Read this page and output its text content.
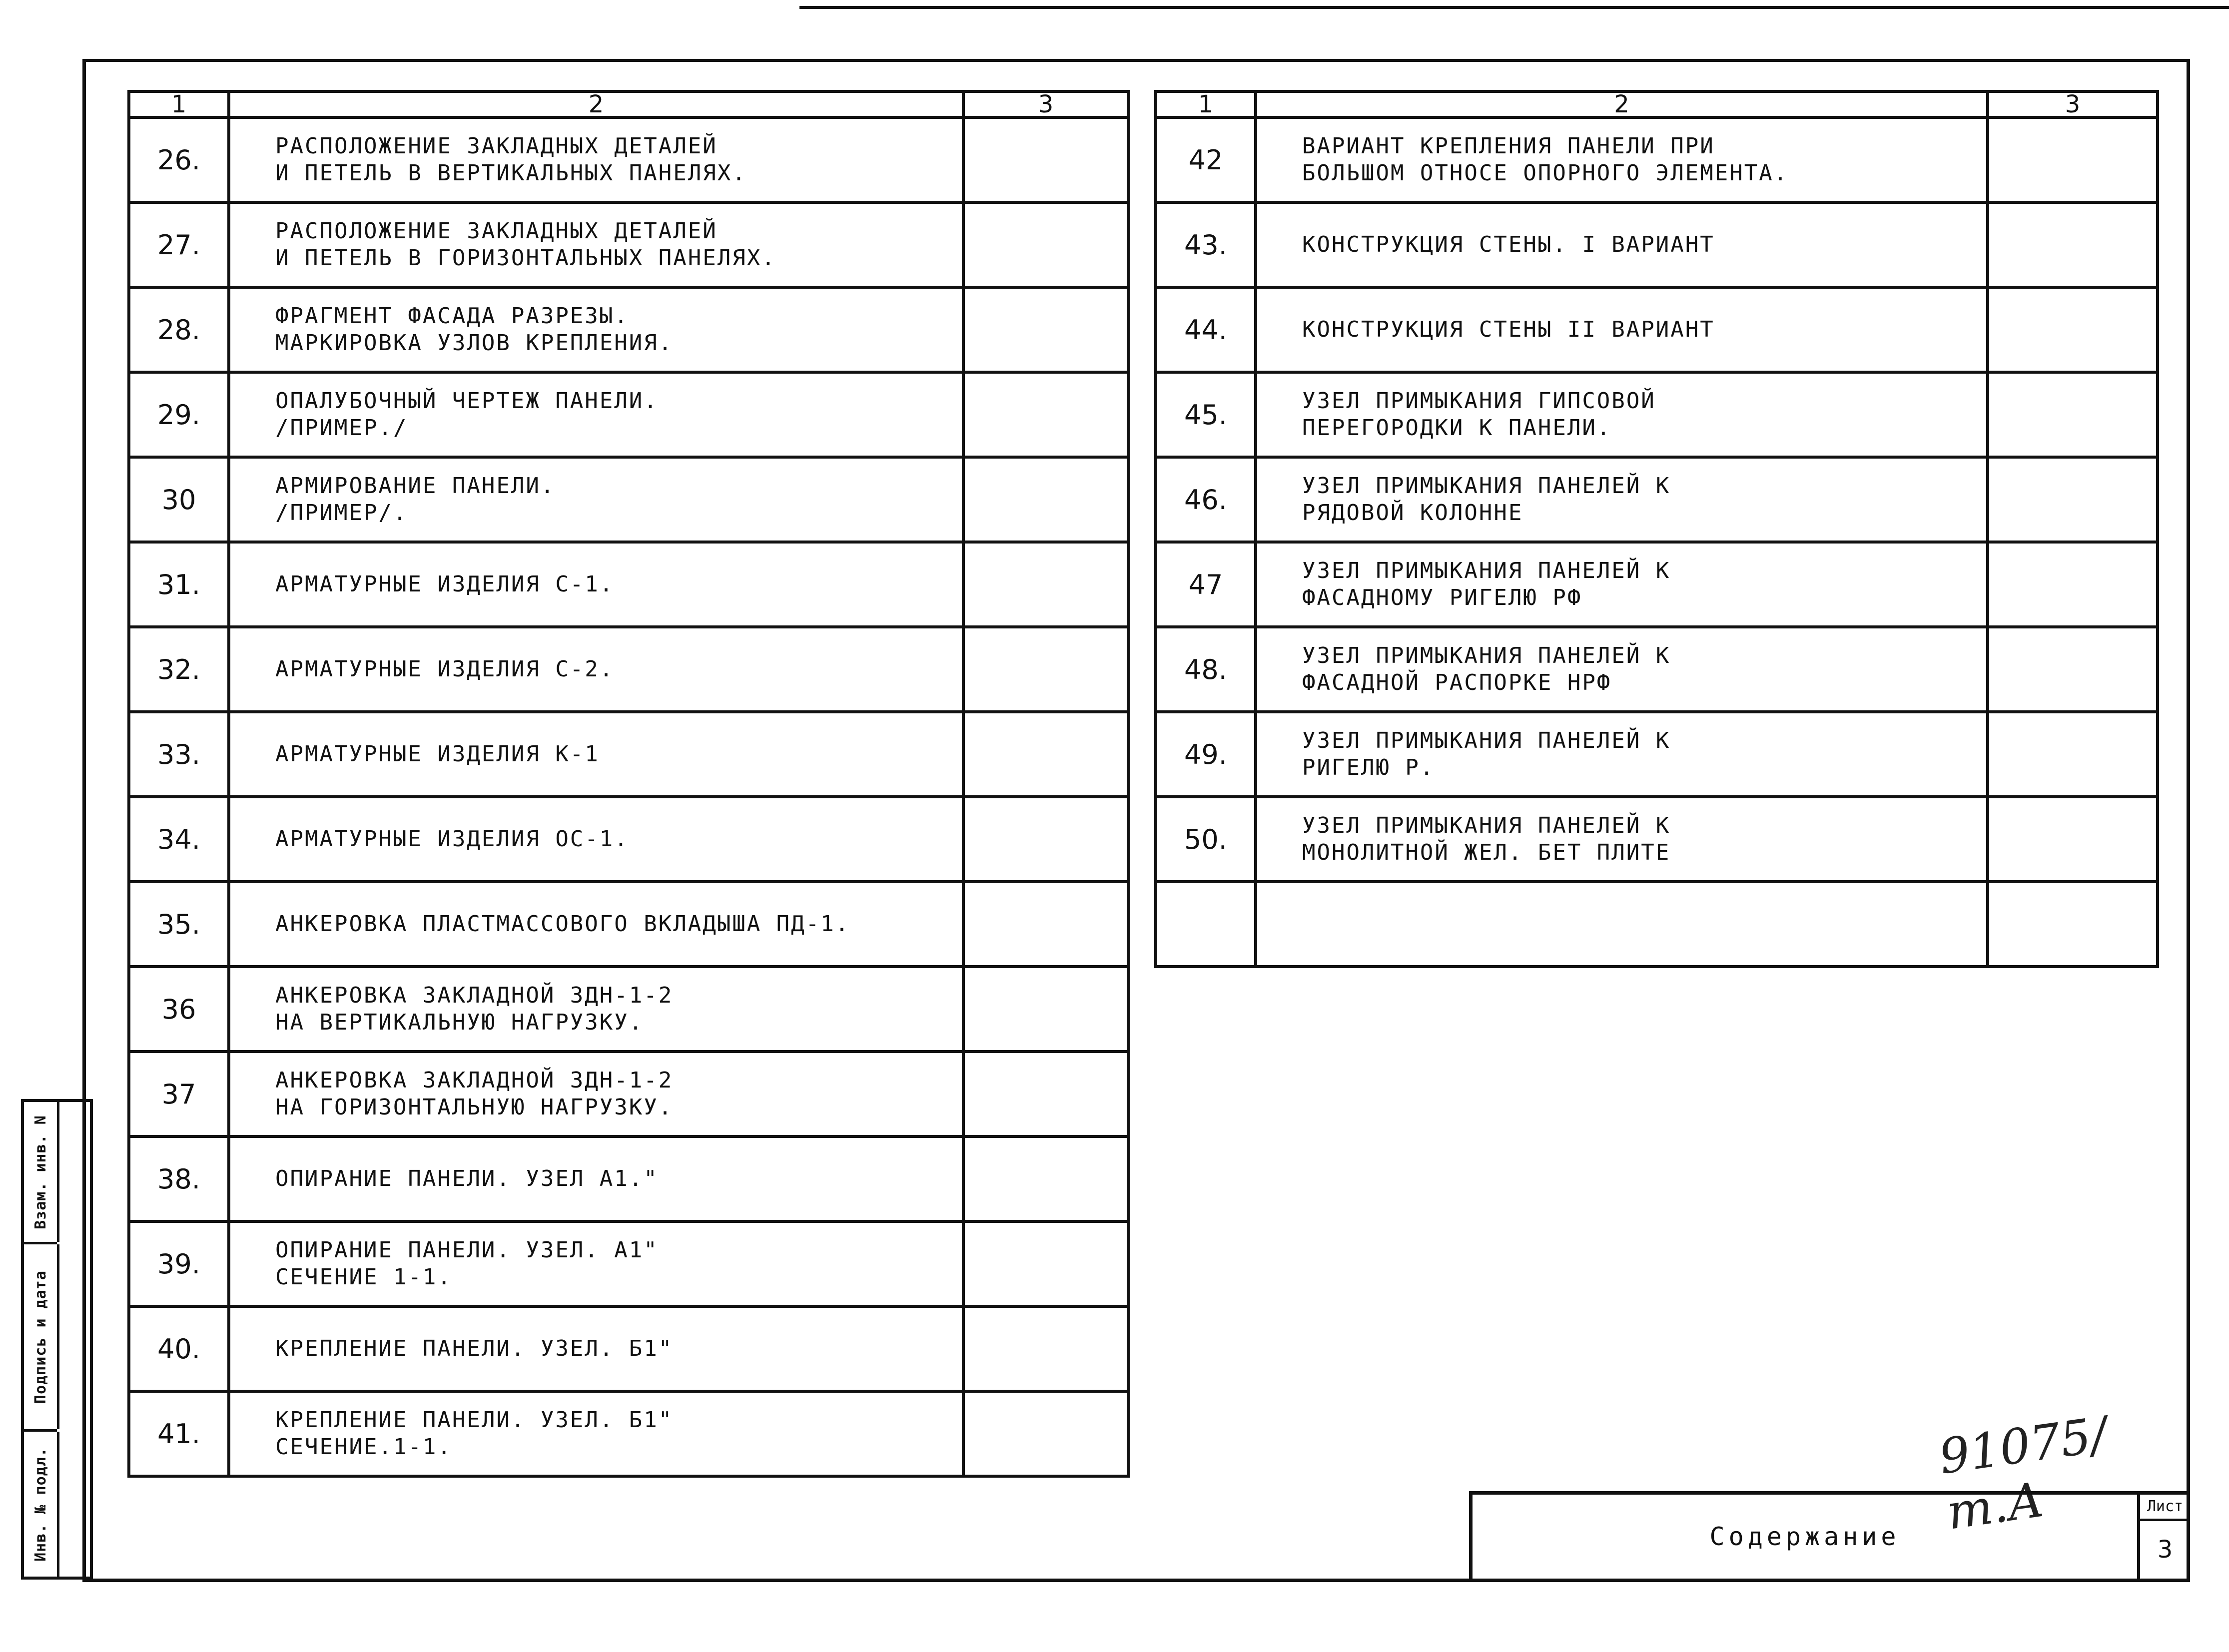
1	2	3
26.	РАСПОЛОЖЕНИЕ ЗАКЛАДНЫХ ДЕТАЛЕЙ
И ПЕТЕЛЬ В ВЕРТИКАЛЬНЫХ ПАНЕЛЯХ.	

27.	РАСПОЛОЖЕНИЕ ЗАКЛАДНЫХ ДЕТАЛЕЙ
И ПЕТЕЛЬ В ГОРИЗОНТАЛЬНЫХ ПАНЕЛЯХ.	

28.	ФРАГМЕНТ ФАСАДА РАЗРЕЗЫ.
МАРКИРОВКА УЗЛОВ КРЕПЛЕНИЯ.	

29.	ОПАЛУБОЧНЫЙ ЧЕРТЕЖ ПАНЕЛИ.
/ПРИМЕР./	

30	АРМИРОВАНИЕ ПАНЕЛИ.
/ПРИМЕР/.	

31.	АРМАТУРНЫЕ ИЗДЕЛИЯ С-1.	

32.	АРМАТУРНЫЕ ИЗДЕЛИЯ С-2.	

33.	АРМАТУРНЫЕ ИЗДЕЛИЯ К-1	

34.	АРМАТУРНЫЕ ИЗДЕЛИЯ ОС-1.	

35.	АНКЕРОВКА ПЛАСТМАССОВОГО ВКЛАДЫША ПД-1.	

36	АНКЕРОВКА ЗАКЛАДНОЙ ЗДН-1-2
НА ВЕРТИКАЛЬНУЮ НАГРУЗКУ.	

37	АНКЕРОВКА ЗАКЛАДНОЙ ЗДН-1-2
НА ГОРИЗОНТАЛЬНУЮ НАГРУЗКУ.	

38.	ОПИРАНИЕ ПАНЕЛИ. УЗЕЛ А1."	

39.	ОПИРАНИЕ ПАНЕЛИ. УЗЕЛ. А1"
СЕЧЕНИЕ 1-1.	

40.	КРЕПЛЕНИЕ ПАНЕЛИ. УЗЕЛ. Б1"	

41.	КРЕПЛЕНИЕ ПАНЕЛИ. УЗЕЛ. Б1"
СЕЧЕНИЕ.1-1.	

1	2	3
42	ВАРИАНТ КРЕПЛЕНИЯ ПАНЕЛИ ПРИ
БОЛЬШОМ ОТНОСЕ ОПОРНОГО ЭЛЕМЕНТА.	

43.	КОНСТРУКЦИЯ СТЕНЫ. I ВАРИАНТ	

44.	КОНСТРУКЦИЯ СТЕНЫ II ВАРИАНТ	

45.	УЗЕЛ ПРИМЫКАНИЯ ГИПСОВОЙ
ПЕРЕГОРОДКИ К ПАНЕЛИ.	

46.	УЗЕЛ ПРИМЫКАНИЯ ПАНЕЛЕЙ К
РЯДОВОЙ КОЛОННЕ	

47	УЗЕЛ ПРИМЫКАНИЯ ПАНЕЛЕЙ К
ФАСАДНОМУ РИГЕЛЮ РФ	

48.	УЗЕЛ ПРИМЫКАНИЯ ПАНЕЛЕЙ К
ФАСАДНОЙ РАСПОРКЕ НРФ	

49.	УЗЕЛ ПРИМЫКАНИЯ ПАНЕЛЕЙ К
РИГЕЛЮ Р.	

50.	УЗЕЛ ПРИМЫКАНИЯ ПАНЕЛЕЙ К
МОНОЛИТНОЙ ЖЕЛ. БЕТ ПЛИТЕ	

Взам. инв. N
Подпись и дата
Инв. № подл.
91075/т.А
Содержание
Лист
3
